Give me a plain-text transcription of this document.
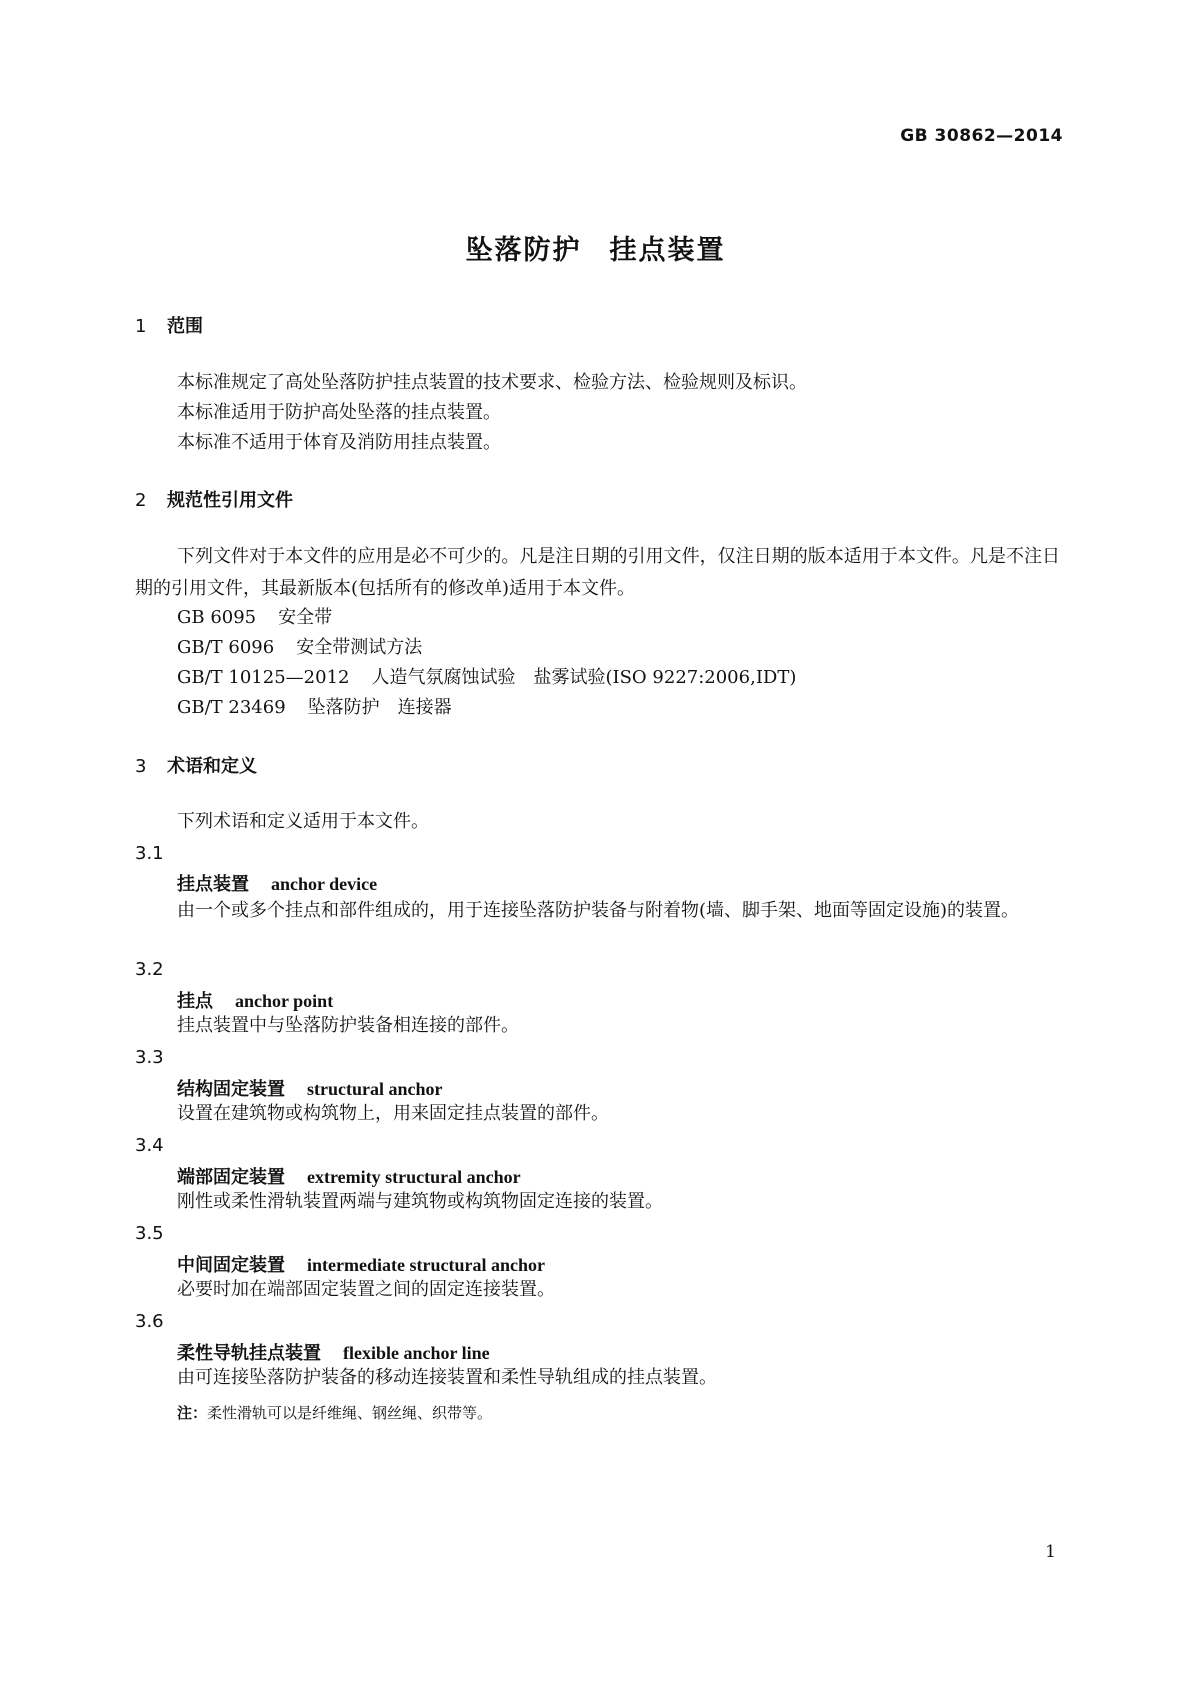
GB 30862—2014
坠落防护 挂点装置
1 范围
本标准规定了高处坠落防护挂点装置的技术要求、检验方法、检验规则及标识。
本标准适用于防护高处坠落的挂点装置。
本标准不适用于体育及消防用挂点装置。
2 规范性引用文件
下列文件对于本文件的应用是必不可少的。凡是注日期的引用文件，仅注日期的版本适用于本文件。凡是不注日期的引用文件，其最新版本(包括所有的修改单)适用于本文件。
GB 6095 安全带
GB/T 6096 安全带测试方法
GB/T 10125—2012 人造气氛腐蚀试验　盐雾试验(ISO 9227:2006,IDT)
GB/T 23469 坠落防护　连接器
3 术语和定义
下列术语和定义适用于本文件。
3.1
挂点装置 anchor device
由一个或多个挂点和部件组成的，用于连接坠落防护装备与附着物(墙、脚手架、地面等固定设施)的装置。
3.2
挂点 anchor point
挂点装置中与坠落防护装备相连接的部件。
3.3
结构固定装置 structural anchor
设置在建筑物或构筑物上，用来固定挂点装置的部件。
3.4
端部固定装置 extremity structural anchor
刚性或柔性滑轨装置两端与建筑物或构筑物固定连接的装置。
3.5
中间固定装置 intermediate structural anchor
必要时加在端部固定装置之间的固定连接装置。
3.6
柔性导轨挂点装置 flexible anchor line
由可连接坠落防护装备的移动连接装置和柔性导轨组成的挂点装置。
注：柔性滑轨可以是纤维绳、钢丝绳、织带等。
1
